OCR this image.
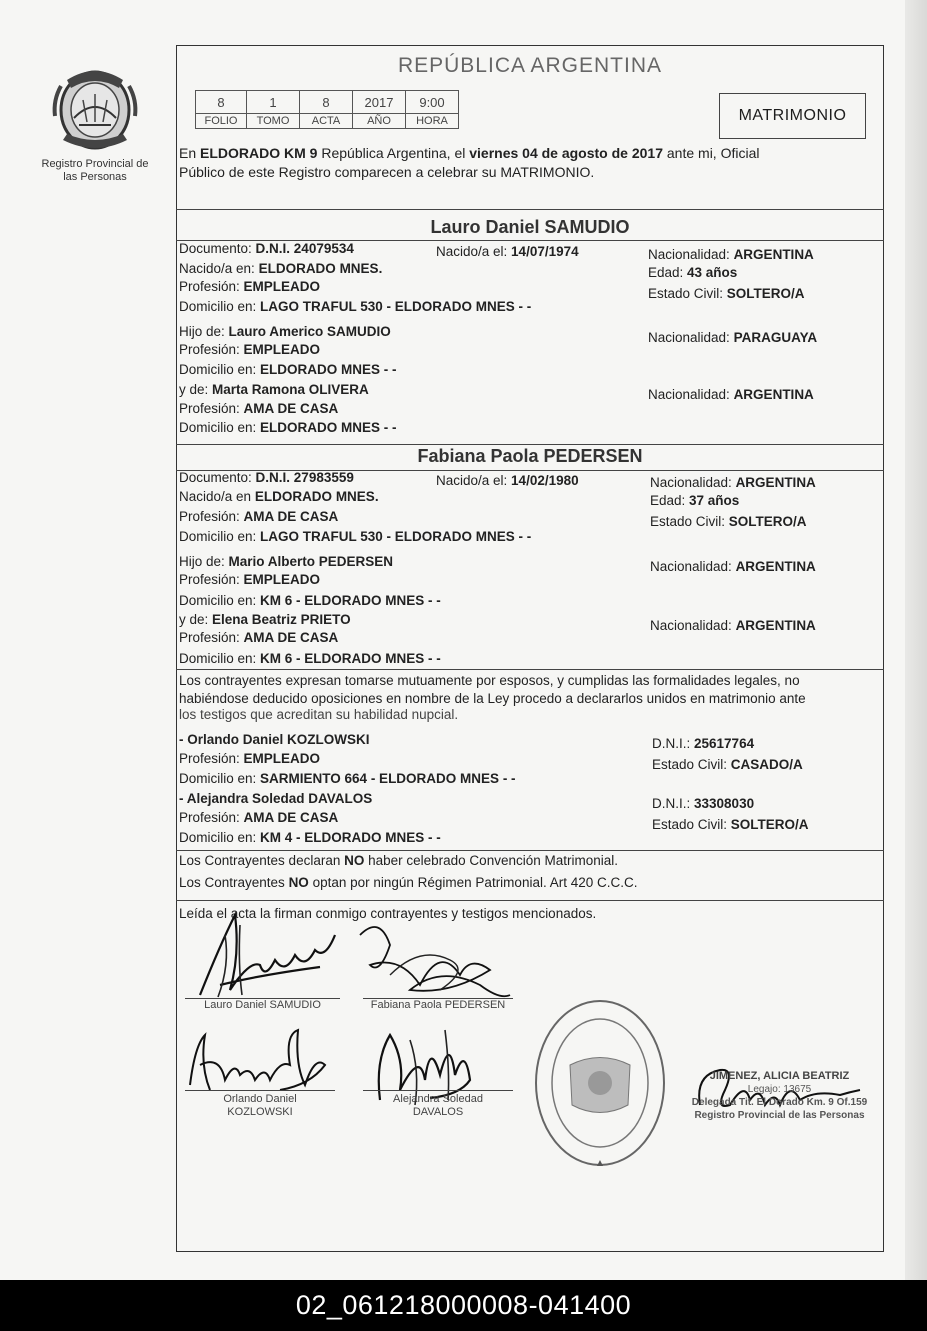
Registro Provincial de las Personas
REPÚBLICA ARGENTINA
8	1	8	2017	9:00
FOLIO	TOMO	ACTA	AÑO	HORA	MATRIMONIO
En ELDORADO KM 9 República Argentina, el viernes 04 de agosto de 2017 ante mi, Oficial
Público de este Registro comparecen a celebrar su MATRIMONIO.
Lauro Daniel SAMUDIO
Documento: D.N.I. 24079534	Nacido/a el: 14/07/1974	Nacionalidad: ARGENTINA
Nacido/a en: ELDORADO MNES.	Edad: 43 años
Profesión: EMPLEADO	Estado Civil: SOLTERO/A
Domicilio en: LAGO TRAFUL 530 - ELDORADO MNES - -
Hijo de: Lauro Americo SAMUDIO	Nacionalidad: PARAGUAYA
Profesión: EMPLEADO
Domicilio en: ELDORADO MNES - -
y de: Marta Ramona OLIVERA	Nacionalidad: ARGENTINA
Profesión: AMA DE CASA
Domicilio en: ELDORADO MNES - -
Fabiana Paola PEDERSEN
Documento: D.N.I. 27983559	Nacido/a el: 14/02/1980	Nacionalidad: ARGENTINA
Nacido/a en ELDORADO MNES.	Edad: 37 años
Profesión: AMA DE CASA	Estado Civil: SOLTERO/A
Domicilio en: LAGO TRAFUL 530 - ELDORADO MNES - -
Hijo de: Mario Alberto PEDERSEN	Nacionalidad: ARGENTINA
Profesión: EMPLEADO
Domicilio en: KM 6 - ELDORADO MNES - -
y de: Elena Beatriz PRIETO	Nacionalidad: ARGENTINA
Profesión: AMA DE CASA
Domicilio en: KM 6 - ELDORADO MNES - -
Los contrayentes expresan tomarse mutuamente por esposos, y cumplidas las formalidades legales, no
habiéndose deducido oposiciones en nombre de la Ley procedo a declararlos unidos en matrimonio ante
los testigos que acreditan su habilidad nupcial.
- Orlando Daniel KOZLOWSKI	D.N.I.: 25617764
Profesión: EMPLEADO	Estado Civil: CASADO/A
Domicilio en: SARMIENTO 664 - ELDORADO MNES - -
- Alejandra Soledad DAVALOS	D.N.I.: 33308030
Profesión: AMA DE CASA	Estado Civil: SOLTERO/A
Domicilio en: KM 4 - ELDORADO MNES - -
Los Contrayentes declaran NO haber celebrado Convención Matrimonial.
Los Contrayentes NO optan por ningún Régimen Patrimonial. Art 420 C.C.C.
Leída el acta la firman conmigo contrayentes y testigos mencionados.
Lauro Daniel SAMUDIO	Fabiana Paola PEDERSEN
Orlando Daniel
KOZLOWSKI
Alejandra Soledad
DAVALOS
JIMENEZ, ALICIA BEATRIZ
Legajo: 13675
Delegada Tit. El Dorado Km. 9 Of.159
Registro Provincial de las Personas
02_061218000008-041400
